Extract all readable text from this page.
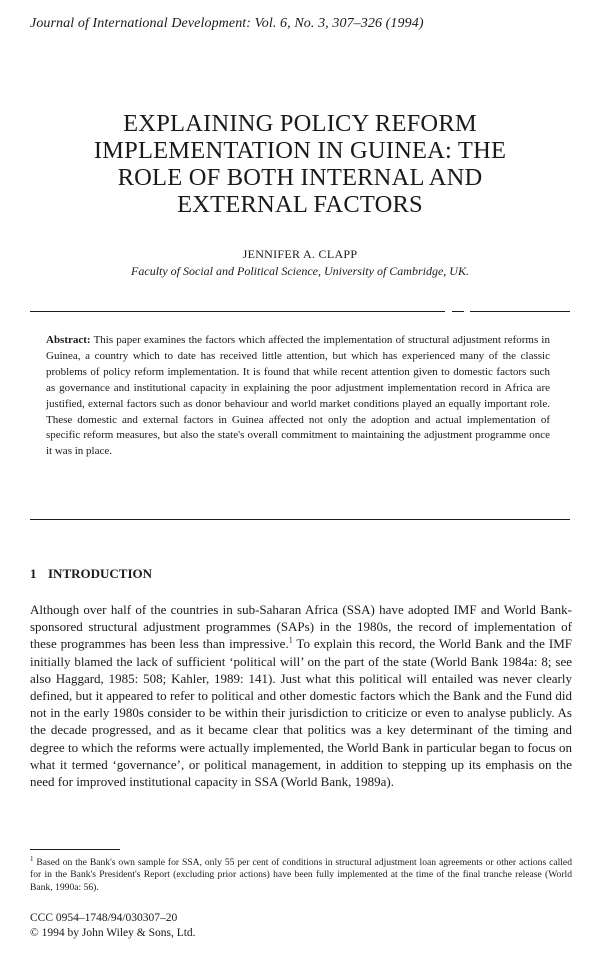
Journal of International Development: Vol. 6, No. 3, 307–326 (1994)
EXPLAINING POLICY REFORM
IMPLEMENTATION IN GUINEA: THE
ROLE OF BOTH INTERNAL AND
EXTERNAL FACTORS
JENNIFER A. CLAPP
Faculty of Social and Political Science, University of Cambridge, UK.
Abstract: This paper examines the factors which affected the implementation of structural adjustment reforms in Guinea, a country which to date has received little attention, but which has experienced many of the classic problems of policy reform implementation. It is found that while recent attention given to domestic factors such as governance and institutional capacity in explaining the poor adjustment implementation record in Africa are justified, external factors such as donor behaviour and world market conditions played an equally important role. These domestic and external factors in Guinea affected not only the adoption and actual implementation of specific reform measures, but also the state's overall commitment to maintaining the adjustment programme once it was in place.
1 INTRODUCTION
Although over half of the countries in sub-Saharan Africa (SSA) have adopted IMF and World Bank-sponsored structural adjustment programmes (SAPs) in the 1980s, the record of implementation of these programmes has been less than impressive.$^1$ To explain this record, the World Bank and the IMF initially blamed the lack of sufficient ‘political will’ on the part of the state (World Bank 1984a: 8; see also Haggard, 1985: 508; Kahler, 1989: 141). Just what this political will entailed was never clearly defined, but it appeared to refer to political and other domestic factors which the Bank and the Fund did not in the early 1980s consider to be within their jurisdiction to criticize or even to analyse publicly. As the decade progressed, and as it became clear that politics was a key determinant of the timing and degree to which the reforms were actually implemented, the World Bank in particular began to focus on what it termed ‘governance’, or political management, in addition to stepping up its emphasis on the need for improved institutional capacity in SSA (World Bank, 1989a).
$^1$ Based on the Bank's own sample for SSA, only 55 per cent of conditions in structural adjustment loan agreements or other actions called for in the Bank's President's Report (excluding prior actions) have been fully implemented at the time of the final tranche release (World Bank, 1990a: 56).
CCC 0954–1748/94/030307–20
© 1994 by John Wiley & Sons, Ltd.
